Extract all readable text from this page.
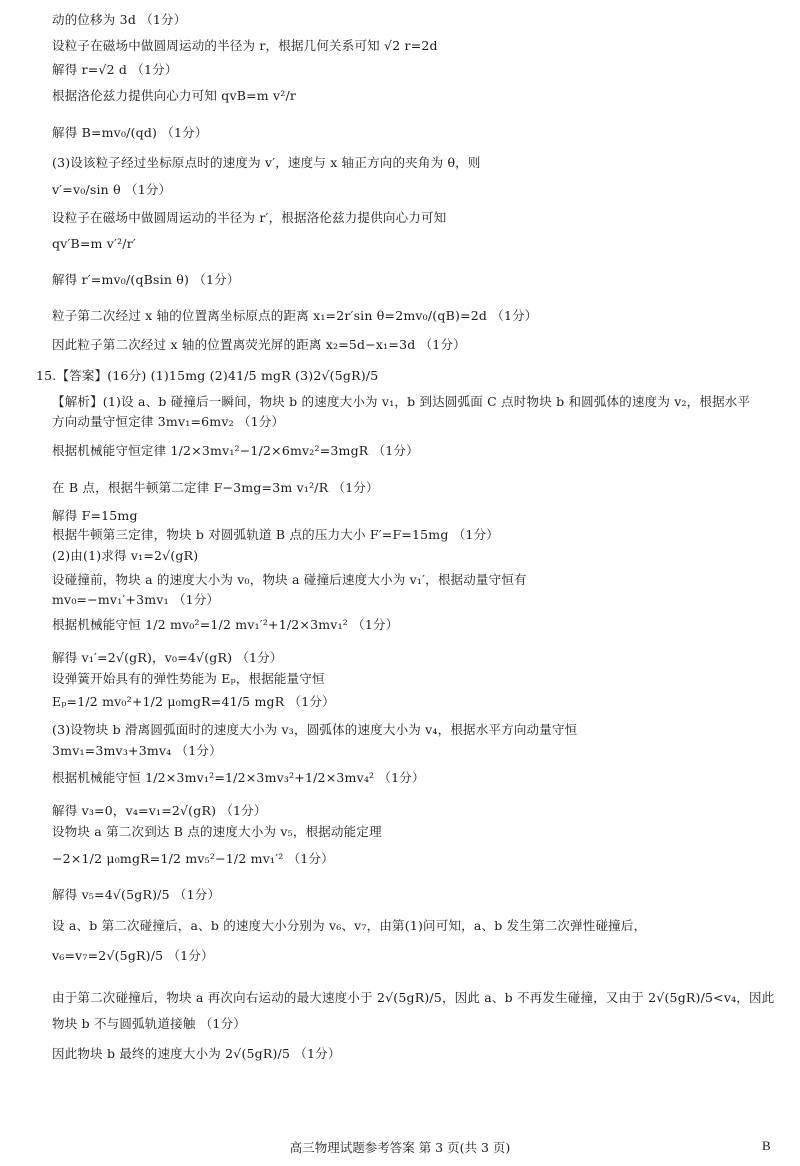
动的位移为 3d （1分）
设粒子在磁场中做圆周运动的半径为 r，根据几何关系可知 √2 r=2d
解得 r=√2 d （1分）
根据洛伦兹力提供向心力可知 qvB=m v²/r
解得 B=mv₀/(qd) （1分）
(3)设该粒子经过坐标原点时的速度为 v′，速度与 x 轴正方向的夹角为 θ，则
v′=v₀/sin θ （1分）
设粒子在磁场中做圆周运动的半径为 r′，根据洛伦兹力提供向心力可知
qv′B=m v′²/r′
解得 r′=mv₀/(qBsin θ) （1分）
粒子第二次经过 x 轴的位置离坐标原点的距离 x₁=2r′sin θ=2mv₀/(qB)=2d （1分）
因此粒子第二次经过 x 轴的位置离荧光屏的距离 x₂=5d−x₁=3d （1分）
15.【答案】(16分) (1)15mg (2)41/5 mgR (3)2√(5gR)/5
【解析】(1)设 a、b 碰撞后一瞬间，物块 b 的速度大小为 v₁，b 到达圆弧面 C 点时物块 b 和圆弧体的速度为 v₂，根据水平
方向动量守恒定律 3mv₁=6mv₂ （1分）
根据机械能守恒定律 1/2×3mv₁²−1/2×6mv₂²=3mgR （1分）
在 B 点，根据牛顿第二定律 F−3mg=3m v₁²/R （1分）
解得 F=15mg
根据牛顿第三定律，物块 b 对圆弧轨道 B 点的压力大小 F′=F=15mg （1分）
(2)由(1)求得 v₁=2√(gR)
设碰撞前，物块 a 的速度大小为 v₀，物块 a 碰撞后速度大小为 v₁′，根据动量守恒有
mv₀=−mv₁′+3mv₁ （1分）
根据机械能守恒 1/2 mv₀²=1/2 mv₁′²+1/2×3mv₁² （1分）
解得 v₁′=2√(gR)，v₀=4√(gR) （1分）
设弹簧开始具有的弹性势能为 Eₚ，根据能量守恒
Eₚ=1/2 mv₀²+1/2 μ₀mgR=41/5 mgR （1分）
(3)设物块 b 滑离圆弧面时的速度大小为 v₃，圆弧体的速度大小为 v₄，根据水平方向动量守恒
3mv₁=3mv₃+3mv₄ （1分）
根据机械能守恒 1/2×3mv₁²=1/2×3mv₃²+1/2×3mv₄² （1分）
解得 v₃=0，v₄=v₁=2√(gR) （1分）
设物块 a 第二次到达 B 点的速度大小为 v₅，根据动能定理
−2×1/2 μ₀mgR=1/2 mv₅²−1/2 mv₁′² （1分）
解得 v₅=4√(5gR)/5 （1分）
设 a、b 第二次碰撞后，a、b 的速度大小分别为 v₆、v₇，由第(1)问可知，a、b 发生第二次弹性碰撞后，
v₆=v₇=2√(5gR)/5 （1分）
由于第二次碰撞后，物块 a 再次向右运动的最大速度小于 2√(5gR)/5，因此 a、b 不再发生碰撞，又由于 2√(5gR)/5<v₄，因此
物块 b 不与圆弧轨道接触 （1分）
因此物块 b 最终的速度大小为 2√(5gR)/5 （1分）
高三物理试题参考答案 第 3 页(共 3 页)	B
